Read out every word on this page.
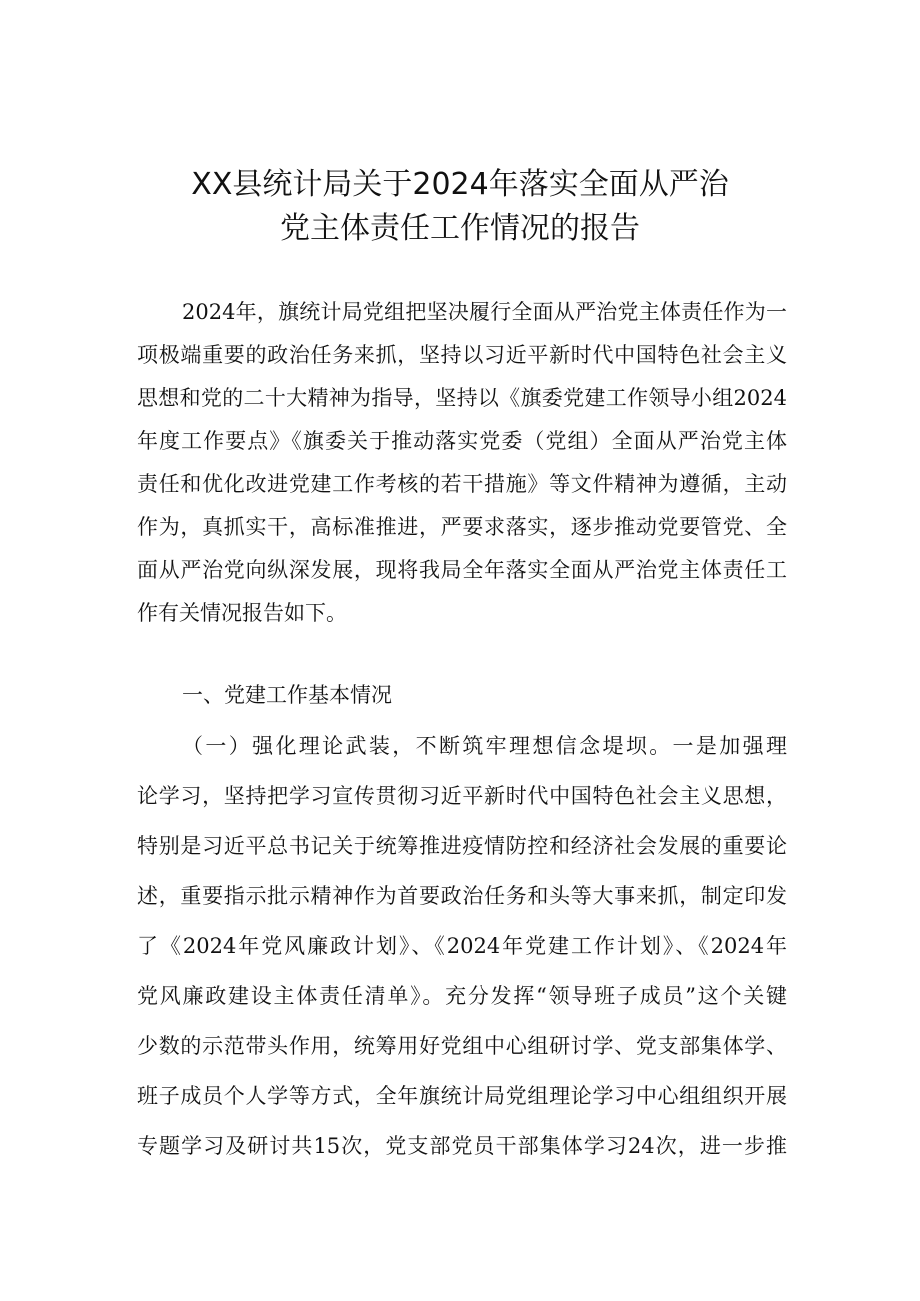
XX县统计局关于2024年落实全面从严治
党主体责任工作情况的报告
2024年，旗统计局党组把坚决履行全面从严治党主体责任作为一
项极端重要的政治任务来抓，坚持以习近平新时代中国特色社会主义
思想和党的二十大精神为指导，坚持以《旗委党建工作领导小组2024
年度工作要点》《旗委关于推动落实党委（党组）全面从严治党主体
责任和优化改进党建工作考核的若干措施》等文件精神为遵循，主动
作为，真抓实干，高标准推进，严要求落实，逐步推动党要管党、全
面从严治党向纵深发展，现将我局全年落实全面从严治党主体责任工
作有关情况报告如下。
一、党建工作基本情况
（一）强化理论武装，不断筑牢理想信念堤坝。一是加强理
论学习，坚持把学习宣传贯彻习近平新时代中国特色社会主义思想，
特别是习近平总书记关于统筹推进疫情防控和经济社会发展的重要论
述，重要指示批示精神作为首要政治任务和头等大事来抓，制定印发
了《2024年党风廉政计划》、《2024年党建工作计划》、《2024年
党风廉政建设主体责任清单》。充分发挥“领导班子成员”这个关键
少数的示范带头作用，统筹用好党组中心组研讨学、党支部集体学、
班子成员个人学等方式，全年旗统计局党组理论学习中心组组织开展
专题学习及研讨共15次，党支部党员干部集体学习24次，进一步推
